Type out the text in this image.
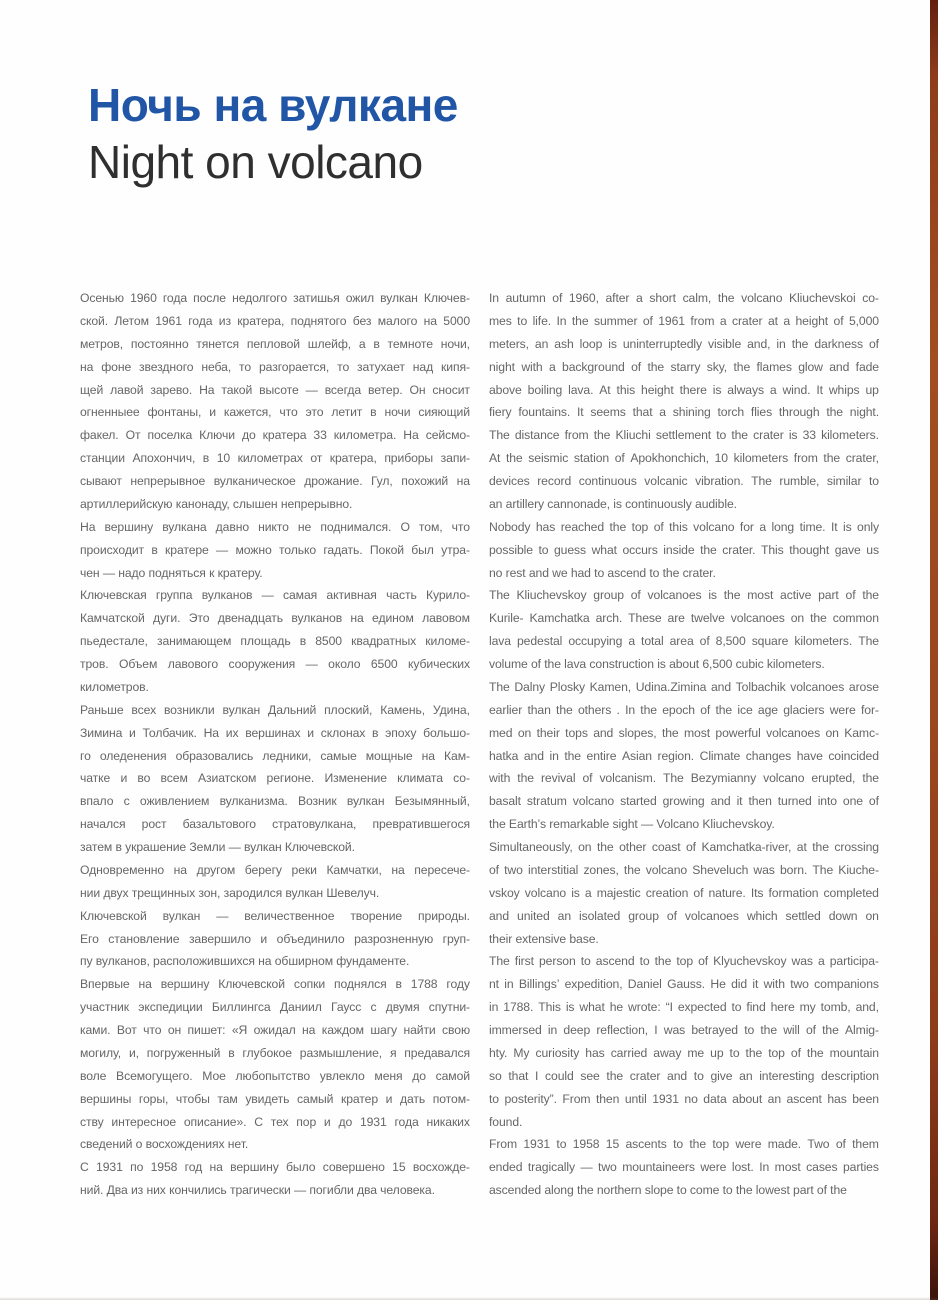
Ночь на вулкане
Night on volcano
Осенью 1960 года после недолгого затишья ожил вулкан Ключев-
ской. Летом 1961 года из кратера, поднятого без малого на 5000
метров, постоянно тянется пепловой шлейф, а в темноте ночи,
на фоне звездного неба, то разгорается, то затухает над кипя-
щей лавой зарево. На такой высоте — всегда ветер. Он сносит
огненныее фонтаны, и кажется, что это летит в ночи сияющий
факел. От поселка Ключи до кратера 33 километра. На сейсмо-
станции Апохончич, в 10 километрах от кратера, приборы запи-
сывают непрерывное вулканическое дрожание. Гул, похожий на
артиллерийскую канонаду, слышен непрерывно.
На вершину вулкана давно никто не поднимался. О том, что
происходит в кратере — можно только гадать. Покой был утра-
чен — надо подняться к кратеру.
Ключевская группа вулканов — самая активная часть Курило-
Камчатской дуги. Это двенадцать вулканов на едином лавовом
пьедестале, занимающем площадь в 8500 квадратных киломе-
тров. Объем лавового сооружения — около 6500 кубических
километров.
Раньше всех возникли вулкан Дальний плоский, Камень, Удина,
Зимина и Толбачик. На их вершинах и склонах в эпоху большо-
го оледенения образовались ледники, самые мощные на Кам-
чатке и во всем Азиатском регионе. Изменение климата со-
впало с оживлением вулканизма. Возник вулкан Безымянный,
начался рост базальтового стратовулкана, превратившегося
затем в украшение Земли — вулкан Ключевской.
Одновременно на другом берегу реки Камчатки, на пересече-
нии двух трещинных зон, зародился вулкан Шевелуч.
Ключевской вулкан — величественное творение природы.
Его становление завершило и объединило разрозненную груп-
пу вулканов, расположившихся на обширном фундаменте.
Впервые на вершину Ключевской сопки поднялся в 1788 году
участник экспедиции Биллингса Даниил Гаусс с двумя спутни-
ками. Вот что он пишет: «Я ожидал на каждом шагу найти свою
могилу, и, погруженный в глубокое размышление, я предавался
воле Всемогущего. Мое любопытство увлекло меня до самой
вершины горы, чтобы там увидеть самый кратер и дать потом-
ству интересное описание». С тех пор и до 1931 года никаких
сведений о восхождениях нет.
С 1931 по 1958 год на вершину было совершено 15 восхожде-
ний. Два из них кончились трагически — погибли два человека.
In autumn of 1960, after a short calm, the volcano Kliuchevskoi co-
mes to life. In the summer of 1961 from a crater at a height of 5,000
meters, an ash loop is uninterruptedly visible and, in the darkness of
night with a background of the starry sky, the flames glow and fade
above boiling lava. At this height there is always a wind. It whips up
fiery fountains. It seems that a shining torch flies through the night.
The distance from the Kliuchi settlement to the crater is 33 kilometers.
At the seismic station of Apokhonchich, 10 kilometers from the crater,
devices record continuous volcanic vibration. The rumble, similar to
an artillery cannonade, is continuously audible.
Nobody has reached the top of this volcano for a long time. It is only
possible to guess what occurs inside the crater. This thought gave us
no rest and we had to ascend to the crater.
The Kliuchevskoy group of volcanoes is the most active part of the
Kurile- Kamchatka arch. These are twelve volcanoes on the common
lava pedestal occupying a total area of 8,500 square kilometers. The
volume of the lava construction is about 6,500 cubic kilometers.
The Dalny Plosky Kamen, Udina.Zimina and Tolbachik volcanoes arose
earlier than the others . In the epoch of the ice age glaciers were for-
med on their tops and slopes, the most powerful volcanoes on Kamc-
hatka and in the entire Asian region. Climate changes have coincided
with the revival of volcanism. The Bezymianny volcano erupted, the
basalt stratum volcano started growing and it then turned into one of
the Earth’s remarkable sight — Volcano Kliuchevskoy.
Simultaneously, on the other coast of Kamchatka-river, at the crossing
of two interstitial zones, the volcano Sheveluch was born. The Kiuche-
vskoy volcano is a majestic creation of nature. Its formation completed
and united an isolated group of volcanoes which settled down on
their extensive base.
The first person to ascend to the top of Klyuchevskoy was a participa-
nt in Billings’ expedition, Daniel Gauss. He did it with two companions
in 1788. This is what he wrote: “I expected to find here my tomb, and,
immersed in deep reflection, I was betrayed to the will of the Almig-
hty. My curiosity has carried away me up to the top of the mountain
so that I could see the crater and to give an interesting description
to posterity”. From then until 1931 no data about an ascent has been
found.
From 1931 to 1958 15 ascents to the top were made. Two of them
ended tragically — two mountaineers were lost. In most cases parties
ascended along the northern slope to come to the lowest part of the
